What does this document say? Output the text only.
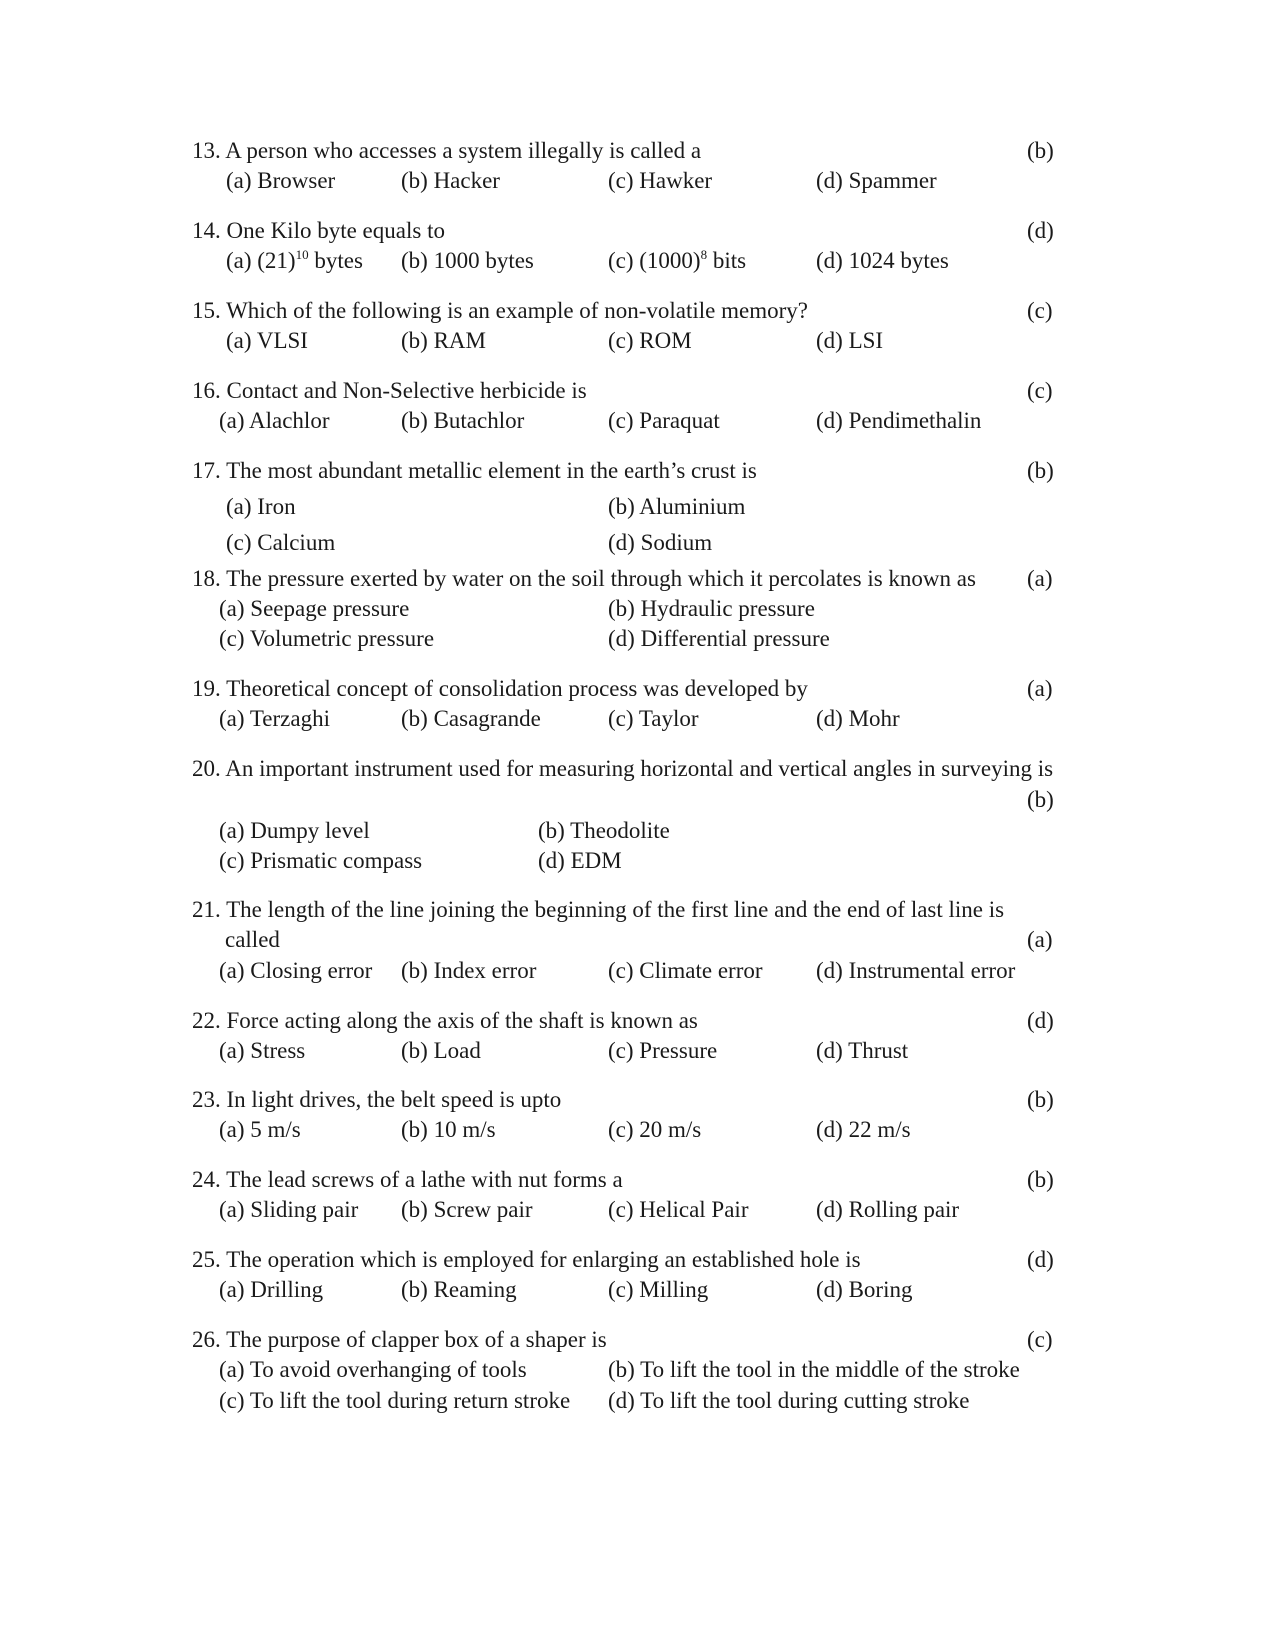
13. A person who accesses a system illegally is called a	(b)
(a) Browser	(b) Hacker	(c) Hawker	(d) Spammer
14. One Kilo byte equals to	(d)
(a) $(21)^{10}$ bytes (b) 1000 bytes	(c) $(1000)^8$ bits	(d) 1024 bytes
15. Which of the following is an example of non-volatile memory?	(c)
(a) VLSI	(b) RAM	(c) ROM	(d) LSI
16. Contact and Non-Selective herbicide is	(c)
(a) Alachlor	(b) Butachlor	(c) Paraquat	(d) Pendimethalin
17. The most abundant metallic element in the earth’s crust is	(b)
(a) Iron	(b) Aluminium
(c) Calcium	(d) Sodium
18. The pressure exerted by water on the soil through which it percolates is known as (a)
(a) Seepage pressure	(b) Hydraulic pressure
(c) Volumetric pressure	(d) Differential pressure
19. Theoretical concept of consolidation process was developed by	(a)
(a) Terzaghi	(b) Casagrande	(c) Taylor	(d) Mohr
20. An important instrument used for measuring horizontal and vertical angles in surveying is
(b)
(a) Dumpy level	(b) Theodolite
(c) Prismatic compass	(d) EDM
21. The length of the line joining the beginning of the first line and the end of last line is
called	(a)
(a) Closing error (b) Index error	(c) Climate error (d) Instrumental error
22. Force acting along the axis of the shaft is known as	(d)
(a) Stress	(b) Load	(c) Pressure	(d) Thrust
23. In light drives, the belt speed is upto	(b)
(a) 5 m/s	(b) 10 m/s	(c) 20 m/s	(d) 22 m/s
24. The lead screws of a lathe with nut forms a	(b)
(a) Sliding pair (b) Screw pair	(c) Helical Pair	(d) Rolling pair
25. The operation which is employed for enlarging an established hole is	(d)
(a) Drilling	(b) Reaming	(c) Milling	(d) Boring
26. The purpose of clapper box of a shaper is	(c)
(a) To avoid overhanging of tools	(b) To lift the tool in the middle of the stroke
(c) To lift the tool during return stroke (d) To lift the tool during cutting stroke
